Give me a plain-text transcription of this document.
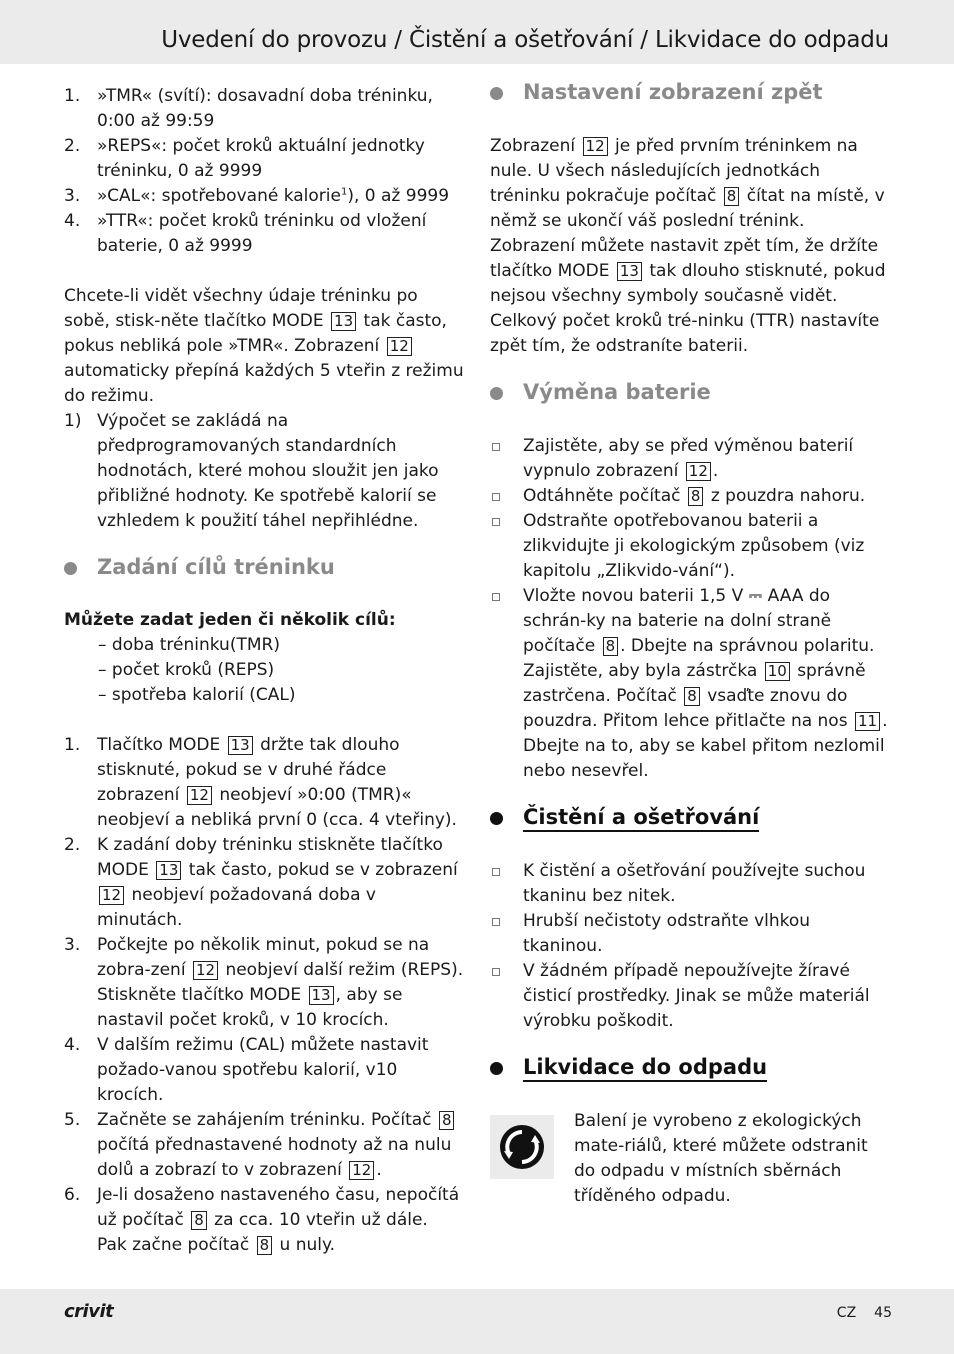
Uvedení do provozu / Čistění a ošetřování / Likvidace do odpadu
1. »TMR« (svítí): dosavadní doba tréninku, 0:00 až 99:59
2. »REPS«: počet kroků aktuální jednotky tréninku, 0 až 9999
3. »CAL«: spotřebované kalorie$^1$), 0 až 9999
4. »TTR«: počet kroků tréninku od vložení baterie, 0 až 9999

Chcete-li vidět všechny údaje tréninku po sobě, stisk-něte tlačítko MODE 13 tak často, pokus nebliká pole »TMR«. Zobrazení 12 automaticky přepíná každých 5 vteřin z režimu do režimu.

1) Výpočet se zakládá na předprogramovaných standardních hodnotách, které mohou sloužit jen jako přibližné hodnoty. Ke spotřebě kalorií se vzhledem k použití táhel nepřihlédne.
Zadání cílů tréninku

Můžete zadat jeden či několik cílů:

– doba tréninku(TMR)
– počet kroků (REPS)
– spotřeba kalorií (CAL)
1. Tlačítko MODE 13 držte tak dlouho stisknuté, pokud se v druhé řádce zobrazení 12 neobjeví »0:00 (TMR)« neobjeví a nebliká první 0 (cca. 4 vteřiny).
2. K zadání doby tréninku stiskněte tlačítko MODE 13 tak často, pokud se v zobrazení 12 neobjeví požadovaná doba v minutách.
3. Počkejte po několik minut, pokud se na zobra-zení 12 neobjeví další režim (REPS). Stiskněte tlačítko MODE 13 , aby se nastavil počet kroků, v 10 krocích.
4. V dalším režimu (CAL) můžete nastavit požado-vanou spotřebu kalorií, v10 krocích.
5. Začněte se zahájením tréninku. Počítač 8 počítá přednastavené hodnoty až na nulu dolů a zobrazí to v zobrazení 12 .
6. Je-li dosaženo nastaveného času, nepočítá už počítač 8 za cca. 10 vteřin už dále.
Pak začne počítač 8 u nuly.
Nastavení zobrazení zpět

Zobrazení 12 je před prvním tréninkem na nule. U všech následujících jednotkách tréninku pokračuje počítač 8 čítat na místě, v němž se ukončí váš poslední trénink.

Zobrazení můžete nastavit zpět tím, že držíte tlačítko MODE 13 tak dlouho stisknuté, pokud nejsou všechny symboly současně vidět. Celkový počet kroků tré-ninku (TTR) nastavíte zpět tím, že odstraníte baterii.

Výměna baterie
Zajistěte, aby se před výměnou baterií vypnulo zobrazení 12 .
Odtáhněte počítač 8 z pouzdra nahoru.
Odstraňte opotřebovanou baterii a zlikvidujte ji ekologickým způsobem (viz kapitolu „Zlikvido-vání“).
Vložte novou baterii 1,5 V ⎓ AAA do schrán-ky na baterie na dolní straně počítače 8 . Dbejte na správnou polaritu. Zajistěte, aby byla zástrčka 10 správně zastrčena. Počítač 8 vsaďte znovu do pouzdra. Přitom lehce přitlačte na nos 11 . Dbejte na to, aby se kabel přitom nezlomil nebo nesevřel.
Čistění a ošetřování
K čistění a ošetřování používejte suchou tkaninu bez nitek.
Hrubší nečistoty odstraňte vlhkou tkaninou.
V žádném případě nepoužívejte žíravé čisticí prostředky. Jinak se může materiál výrobku poškodit.
Likvidace do odpadu

Balení je vyrobeno z ekologických mate-riálů, které můžete odstranit do odpadu v místních sběrnách tříděného odpadu.

crivit	CZ 45
